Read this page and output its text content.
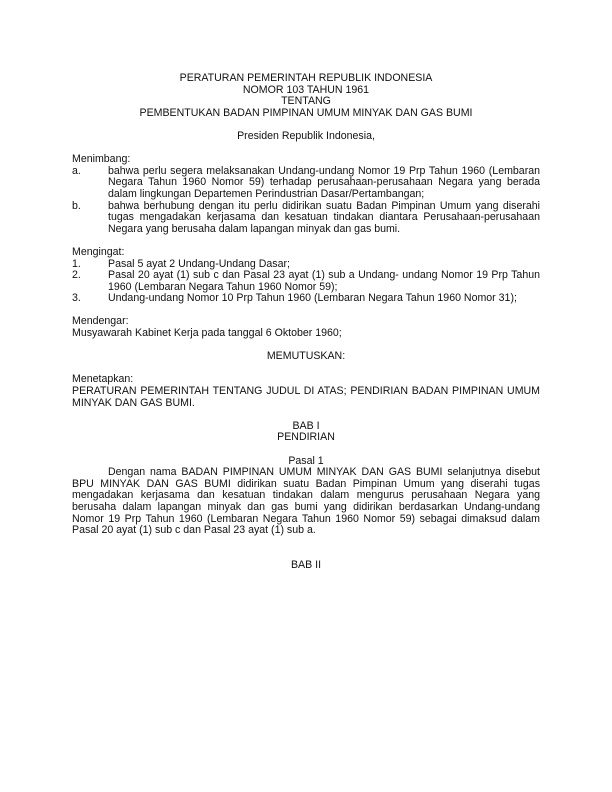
PERATURAN PEMERINTAH REPUBLIK INDONESIA

NOMOR 103 TAHUN 1961

TENTANG

PEMBENTUKAN BADAN PIMPINAN UMUM MINYAK DAN GAS BUMI

Presiden Republik Indonesia,

Menimbang:

a.	bahwa perlu segera melaksanakan Undang-undang Nomor 19 Prp Tahun 1960 (Lembaran Negara Tahun 1960 Nomor 59) terhadap perusahaan-perusahaan Negara yang berada dalam lingkungan Departemen Perindustrian Dasar/Pertambangan;
b.	bahwa berhubung dengan itu perlu didirikan suatu Badan Pimpinan Umum yang diserahi tugas mengadakan kerjasama dan kesatuan tindakan diantara Perusahaan-perusahaan Negara yang berusaha dalam lapangan minyak dan gas bumi.

Mengingat:

1.	Pasal 5 ayat 2 Undang-Undang Dasar;
2.	Pasal 20 ayat (1) sub c dan Pasal 23 ayat (1) sub a Undang- undang Nomor 19 Prp Tahun 1960 (Lembaran Negara Tahun 1960 Nomor 59);
3.	Undang-undang Nomor 10 Prp Tahun 1960 (Lembaran Negara Tahun 1960 Nomor 31);

Mendengar:

Musyawarah Kabinet Kerja pada tanggal 6 Oktober 1960;

MEMUTUSKAN:

Menetapkan:

PERATURAN PEMERINTAH TENTANG JUDUL DI ATAS; PENDIRIAN BADAN PIMPINAN UMUM MINYAK DAN GAS BUMI.

BAB I

PENDIRIAN

Pasal 1

Dengan nama BADAN PIMPINAN UMUM MINYAK DAN GAS BUMI selanjutnya disebut BPU MINYAK DAN GAS BUMI didirikan suatu Badan Pimpinan Umum yang diserahi tugas mengadakan kerjasama dan kesatuan tindakan dalam mengurus perusahaan Negara yang berusaha dalam lapangan minyak dan gas bumi yang didirikan berdasarkan Undang-undang Nomor 19 Prp Tahun 1960 (Lembaran Negara Tahun 1960 Nomor 59) sebagai dimaksud dalam Pasal 20 ayat (1) sub c dan Pasal 23 ayat (1) sub a.

BAB II
